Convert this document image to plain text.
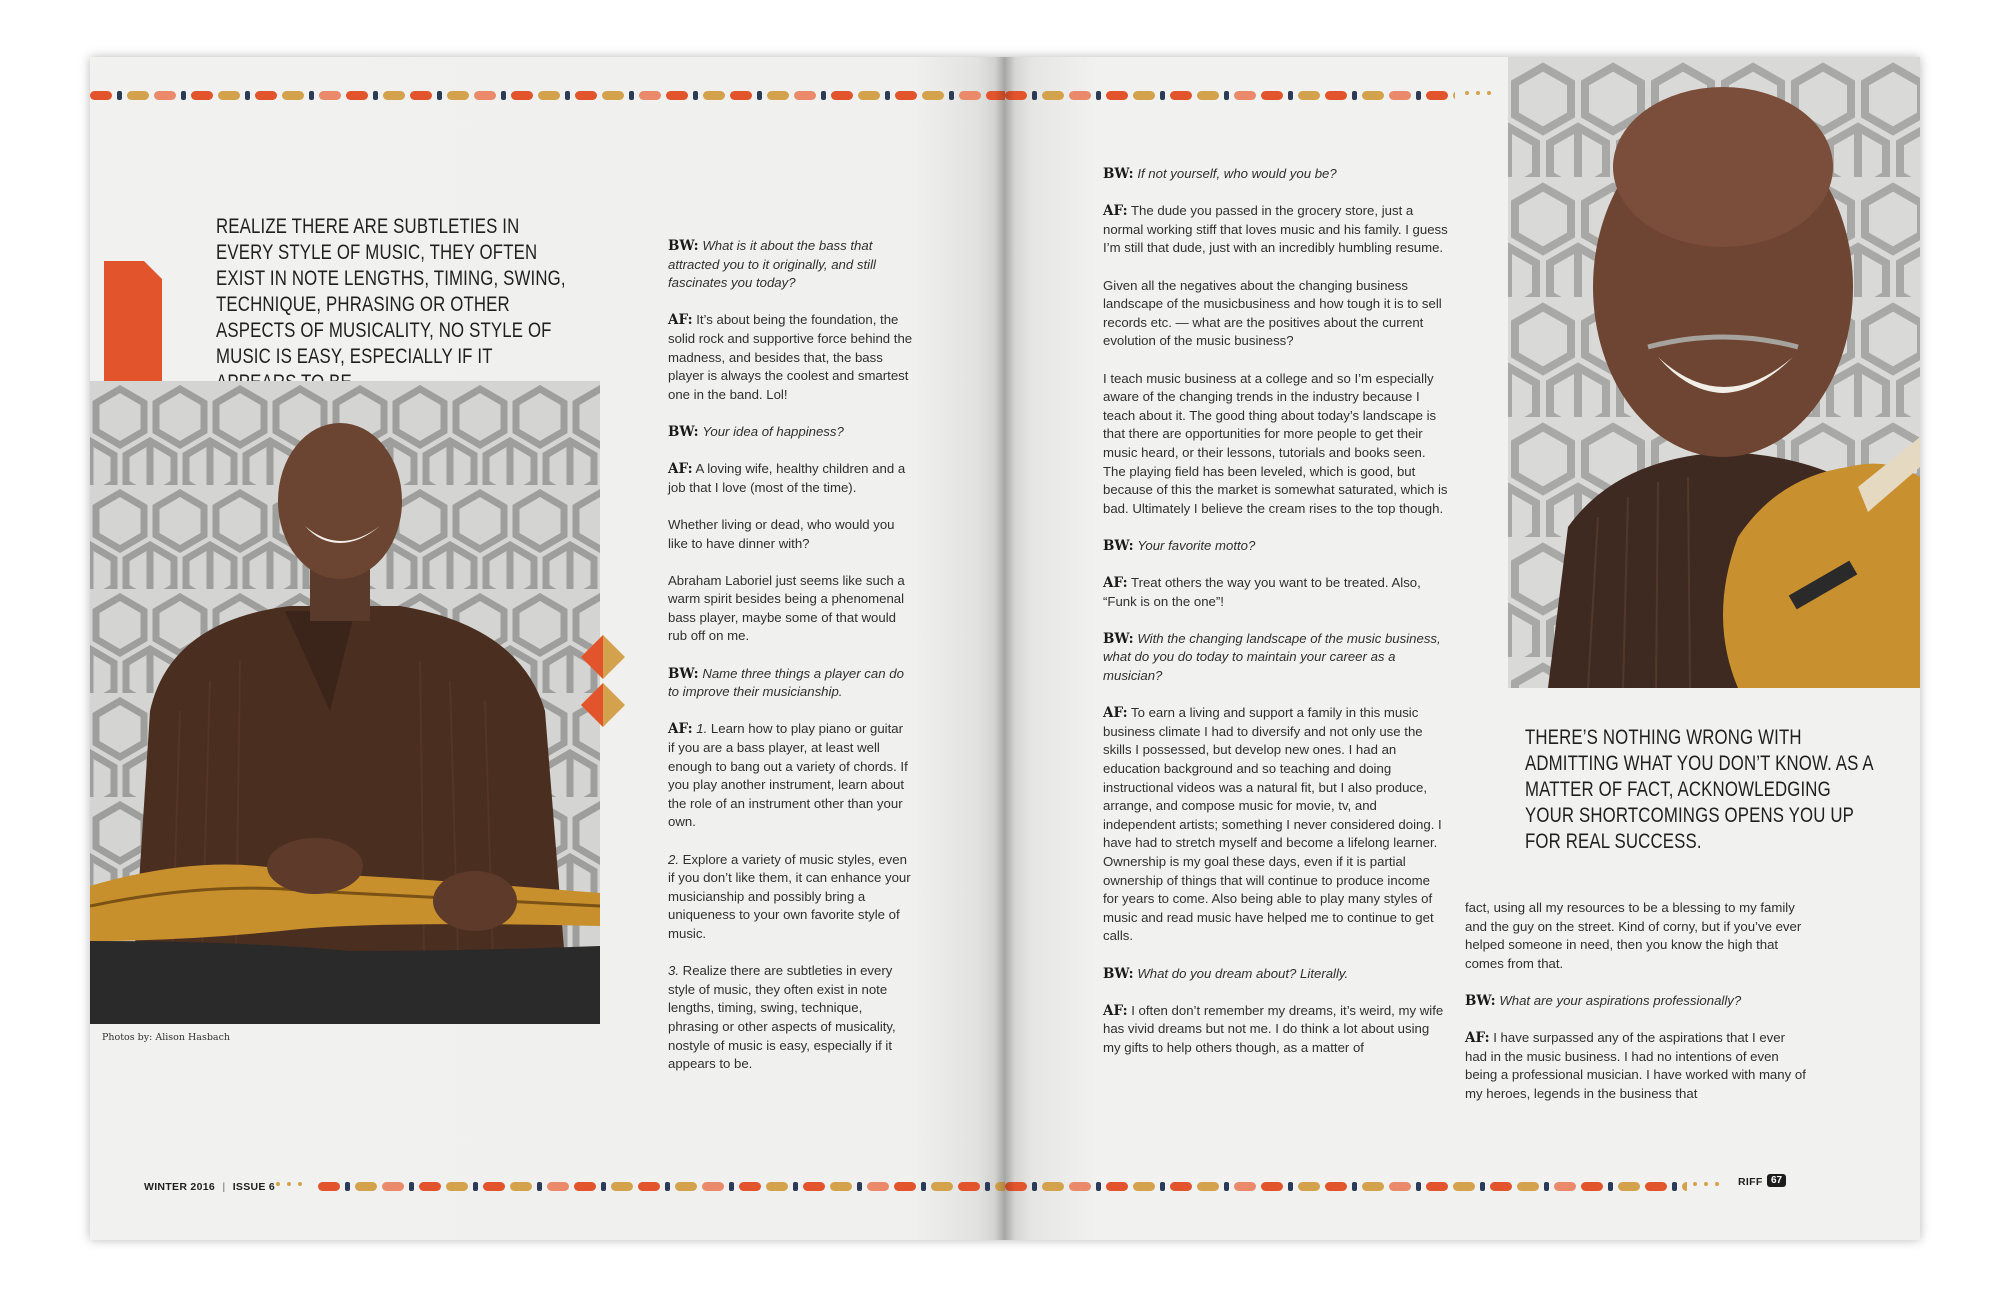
REALIZE THERE ARE SUBTLETIES IN EVERY STYLE OF MUSIC, THEY OFTEN EXIST IN NOTE LENGTHS, TIMING, SWING, TECHNIQUE, PHRASING OR OTHER ASPECTS OF MUSICALITY, NO STYLE OF MUSIC IS EASY, ESPECIALLY IF IT
Photos by: Alison Hasbach

BW: What is it about the bass that attracted you to it originally, and still fascinates you today?

AF: It’s about being the foundation, the solid rock and supportive force behind the madness, and besides that, the bass player is always the coolest and smartest one in the band. Lol!

BW: Your idea of happiness?

AF: A loving wife, healthy children and a job that I love (most of the time).

Whether living or dead, who would you like to have dinner with?

Abraham Laboriel just seems like such a warm spirit besides being a phenomenal bass player, maybe some of that would rub off on me.

BW: Name three things a player can do to improve their musicianship.

AF: 1. Learn how to play piano or guitar if you are a bass player, at least well enough to bang out a variety of chords. If you play another instrument, learn about the role of an instrument other than your own.

2. Explore a variety of music styles, even if you don’t like them, it can enhance your musicianship and possibly bring a uniqueness to your own favorite style of music.

3. Realize there are subtleties in every style of music, they often exist in note lengths, timing, swing, technique, phrasing or other aspects of musicality, nostyle of music is easy, especially if it appears to be.

WINTER 2016 | ISSUE 6

BW: If not yourself, who would you be?

AF: The dude you passed in the grocery store, just a normal working stiff that loves music and his family. I guess I’m still that dude, just with an incredibly humbling resume.

Given all the negatives about the changing business landscape of the musicbusiness and how tough it is to sell records etc. — what are the positives about the current evolution of the music business?

I teach music business at a college and so I’m especially aware of the changing trends in the industry because I teach about it. The good thing about today’s landscape is that there are opportunities for more people to get their music heard, or their lessons, tutorials and books seen. The playing field has been leveled, which is good, but because of this the market is somewhat saturated, which is bad. Ultimately I believe the cream rises to the top though.

BW: Your favorite motto?

AF: Treat others the way you want to be treated. Also, “Funk is on the one”!

BW: With the changing landscape of the music business, what do you do today to maintain your career as a musician?

AF: To earn a living and support a family in this music business climate I had to diversify and not only use the skills I possessed, but develop new ones. I had an education background and so teaching and doing instructional videos was a natural fit, but I also produce, arrange, and compose music for movie, tv, and independent artists; something I never considered doing. I have had to stretch myself and become a lifelong learner. Ownership is my goal these days, even if it is partial ownership of things that will continue to produce income for years to come. Also being able to play many styles of music and read music have helped me to continue to get calls.

BW: What do you dream about? Literally.

AF: I often don’t remember my dreams, it’s weird, my wife has vivid dreams but not me. I do think a lot about using my gifts to help others though, as a matter of

fact, using all my resources to be a blessing to my family and the guy on the street. Kind of corny, but if you’ve ever helped someone in need, then you know the high that comes from that.

BW: What are your aspirations professionally?

AF: I have surpassed any of the aspirations that I ever had in the music business. I had no intentions of even being a professional musician. I have worked with many of my heroes, legends in the business that

THERE’S NOTHING WRONG WITH ADMITTING WHAT YOU DON’T KNOW. AS A MATTER OF FACT, ACKNOWLEDGING YOUR SHORTCOMINGS OPENS YOU UP FOR REAL SUCCESS.
RIFF 67
